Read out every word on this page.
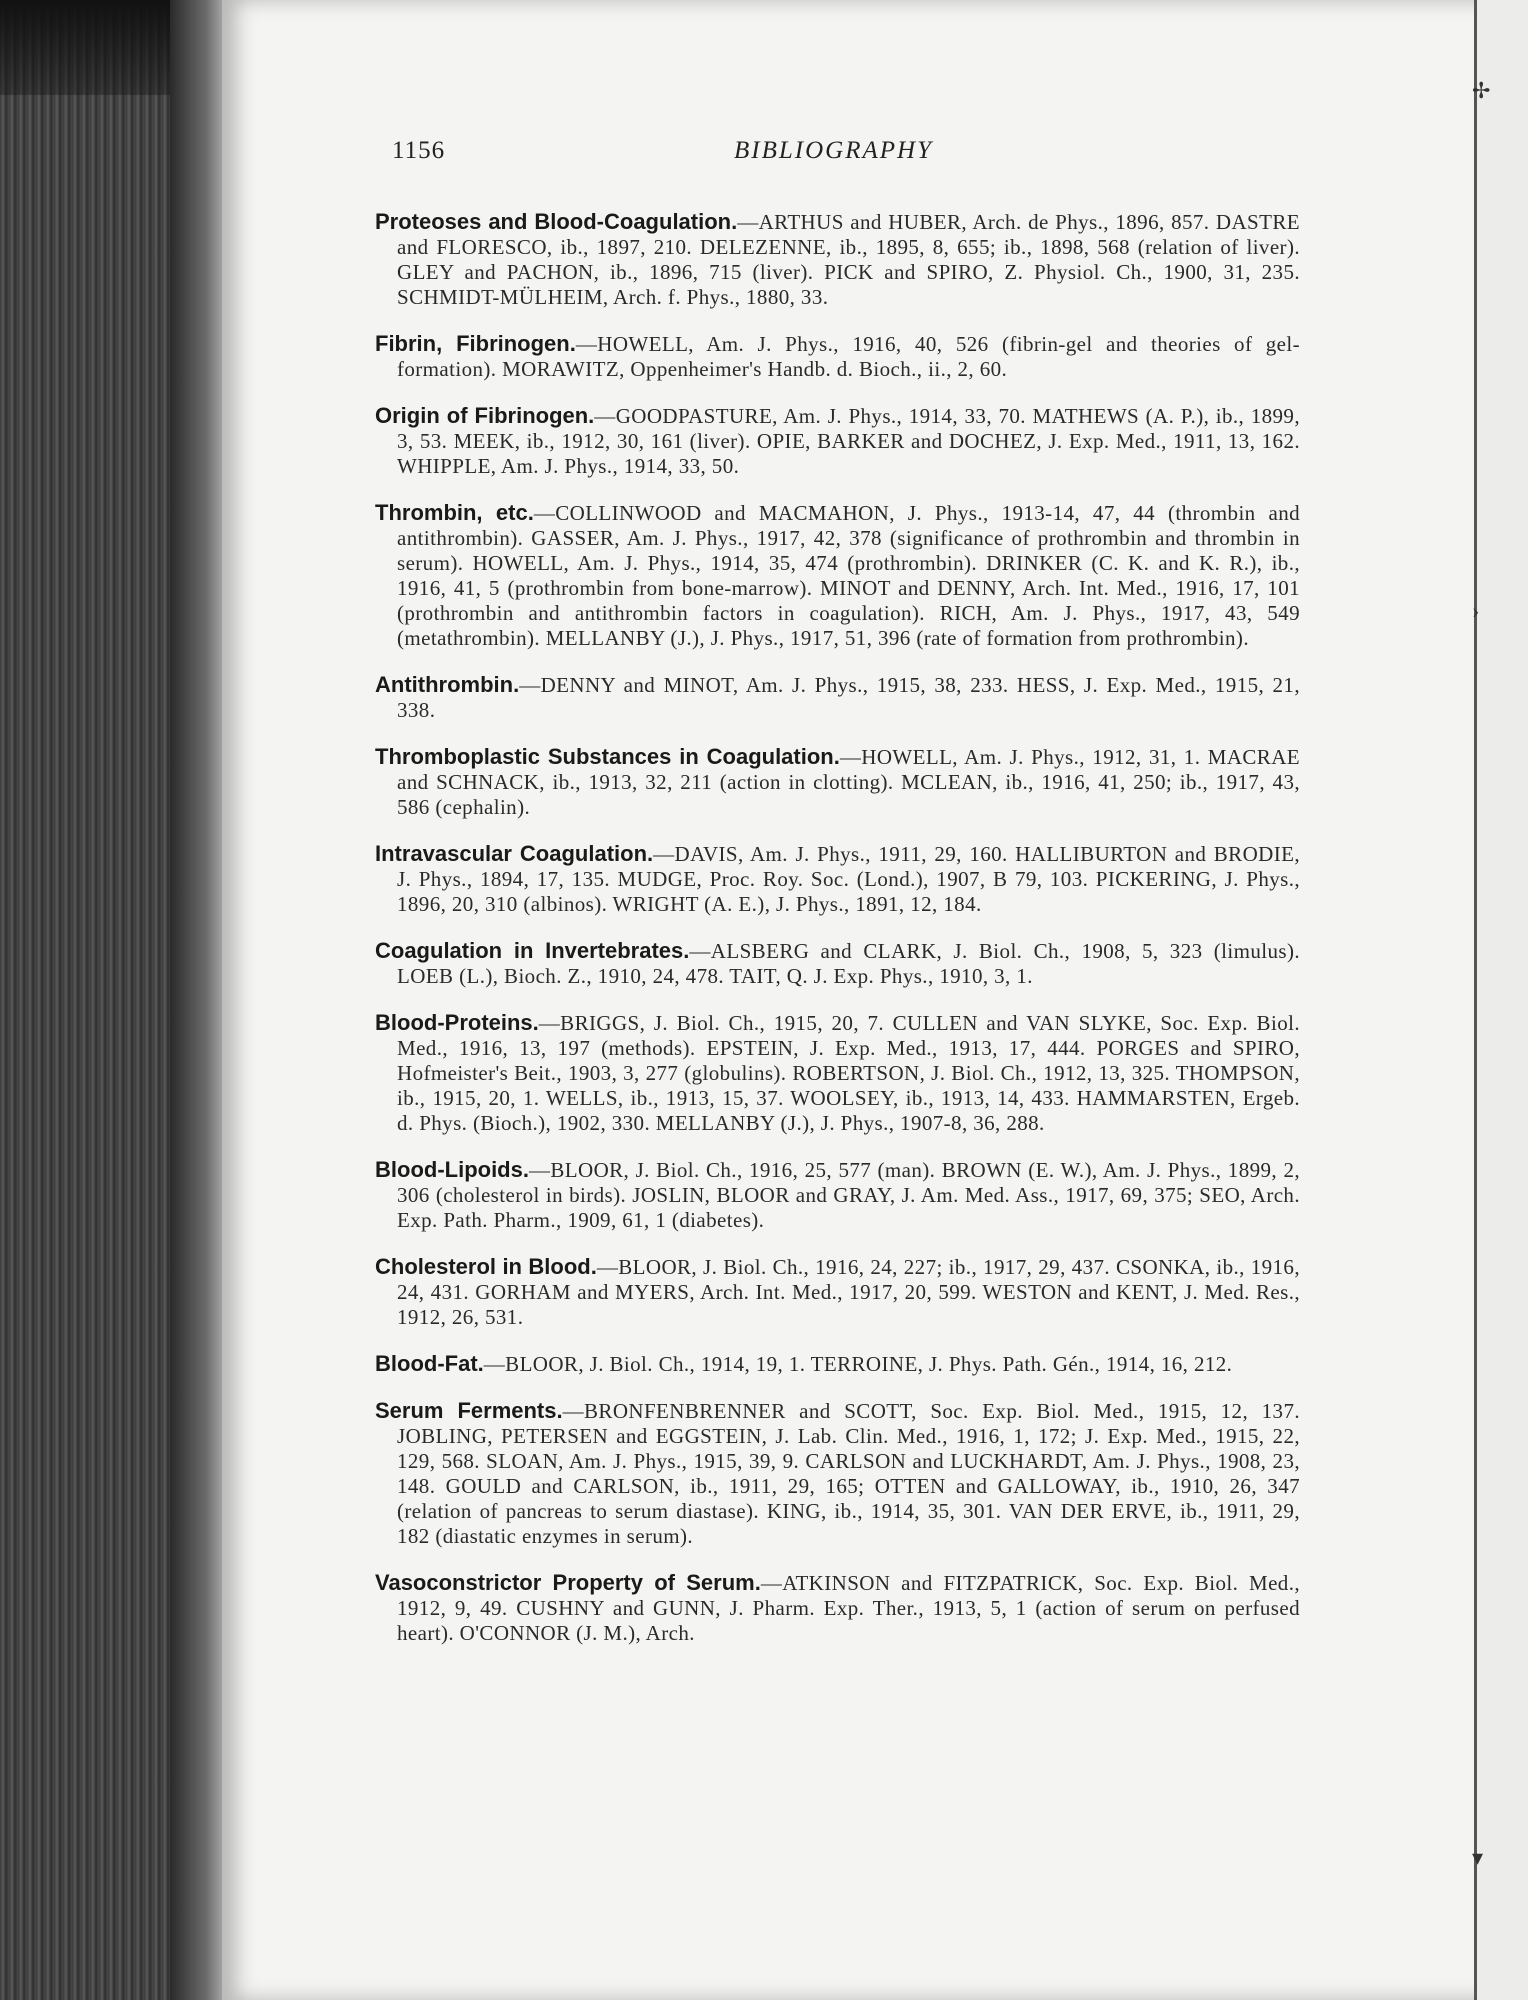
✢
›
▾
1156	BIBLIOGRAPHY

Proteoses and Blood-Coagulation.—ARTHUS and HUBER, Arch. de Phys., 1896, 857. DASTRE and FLORESCO, ib., 1897, 210. DELEZENNE, ib., 1895, 8, 655; ib., 1898, 568 (relation of liver). GLEY and PACHON, ib., 1896, 715 (liver). PICK and SPIRO, Z. Physiol. Ch., 1900, 31, 235. SCHMIDT-MÜLHEIM, Arch. f. Phys., 1880, 33.

Fibrin, Fibrinogen.—HOWELL, Am. J. Phys., 1916, 40, 526 (fibrin-gel and theories of gel-formation). MORAWITZ, Oppenheimer's Handb. d. Bioch., ii., 2, 60.

Origin of Fibrinogen.—GOODPASTURE, Am. J. Phys., 1914, 33, 70. MATHEWS (A. P.), ib., 1899, 3, 53. MEEK, ib., 1912, 30, 161 (liver). OPIE, BARKER and DOCHEZ, J. Exp. Med., 1911, 13, 162. WHIPPLE, Am. J. Phys., 1914, 33, 50.

Thrombin, etc.—COLLINWOOD and MACMAHON, J. Phys., 1913-14, 47, 44 (thrombin and antithrombin). GASSER, Am. J. Phys., 1917, 42, 378 (significance of prothrombin and thrombin in serum). HOWELL, Am. J. Phys., 1914, 35, 474 (prothrombin). DRINKER (C. K. and K. R.), ib., 1916, 41, 5 (prothrombin from bone-marrow). MINOT and DENNY, Arch. Int. Med., 1916, 17, 101 (prothrombin and antithrombin factors in coagulation). RICH, Am. J. Phys., 1917, 43, 549 (metathrombin). MELLANBY (J.), J. Phys., 1917, 51, 396 (rate of formation from prothrombin).

Antithrombin.—DENNY and MINOT, Am. J. Phys., 1915, 38, 233. HESS, J. Exp. Med., 1915, 21, 338.

Thromboplastic Substances in Coagulation.—HOWELL, Am. J. Phys., 1912, 31, 1. MACRAE and SCHNACK, ib., 1913, 32, 211 (action in clotting). MCLEAN, ib., 1916, 41, 250; ib., 1917, 43, 586 (cephalin).

Intravascular Coagulation.—DAVIS, Am. J. Phys., 1911, 29, 160. HALLIBURTON and BRODIE, J. Phys., 1894, 17, 135. MUDGE, Proc. Roy. Soc. (Lond.), 1907, B 79, 103. PICKERING, J. Phys., 1896, 20, 310 (albinos). WRIGHT (A. E.), J. Phys., 1891, 12, 184.

Coagulation in Invertebrates.—ALSBERG and CLARK, J. Biol. Ch., 1908, 5, 323 (limulus). LOEB (L.), Bioch. Z., 1910, 24, 478. TAIT, Q. J. Exp. Phys., 1910, 3, 1.

Blood-Proteins.—BRIGGS, J. Biol. Ch., 1915, 20, 7. CULLEN and VAN SLYKE, Soc. Exp. Biol. Med., 1916, 13, 197 (methods). EPSTEIN, J. Exp. Med., 1913, 17, 444. PORGES and SPIRO, Hofmeister's Beit., 1903, 3, 277 (globulins). ROBERTSON, J. Biol. Ch., 1912, 13, 325. THOMPSON, ib., 1915, 20, 1. WELLS, ib., 1913, 15, 37. WOOLSEY, ib., 1913, 14, 433. HAMMARSTEN, Ergeb. d. Phys. (Bioch.), 1902, 330. MELLANBY (J.), J. Phys., 1907-8, 36, 288.

Blood-Lipoids.—BLOOR, J. Biol. Ch., 1916, 25, 577 (man). BROWN (E. W.), Am. J. Phys., 1899, 2, 306 (cholesterol in birds). JOSLIN, BLOOR and GRAY, J. Am. Med. Ass., 1917, 69, 375; SEO, Arch. Exp. Path. Pharm., 1909, 61, 1 (diabetes).

Cholesterol in Blood.—BLOOR, J. Biol. Ch., 1916, 24, 227; ib., 1917, 29, 437. CSONKA, ib., 1916, 24, 431. GORHAM and MYERS, Arch. Int. Med., 1917, 20, 599. WESTON and KENT, J. Med. Res., 1912, 26, 531.

Blood-Fat.—BLOOR, J. Biol. Ch., 1914, 19, 1. TERROINE, J. Phys. Path. Gén., 1914, 16, 212.

Serum Ferments.—BRONFENBRENNER and SCOTT, Soc. Exp. Biol. Med., 1915, 12, 137. JOBLING, PETERSEN and EGGSTEIN, J. Lab. Clin. Med., 1916, 1, 172; J. Exp. Med., 1915, 22, 129, 568. SLOAN, Am. J. Phys., 1915, 39, 9. CARLSON and LUCKHARDT, Am. J. Phys., 1908, 23, 148. GOULD and CARLSON, ib., 1911, 29, 165; OTTEN and GALLOWAY, ib., 1910, 26, 347 (relation of pancreas to serum diastase). KING, ib., 1914, 35, 301. VAN DER ERVE, ib., 1911, 29, 182 (diastatic enzymes in serum).

Vasoconstrictor Property of Serum.—ATKINSON and FITZPATRICK, Soc. Exp. Biol. Med., 1912, 9, 49. CUSHNY and GUNN, J. Pharm. Exp. Ther., 1913, 5, 1 (action of serum on perfused heart). O'CONNOR (J. M.), Arch.
